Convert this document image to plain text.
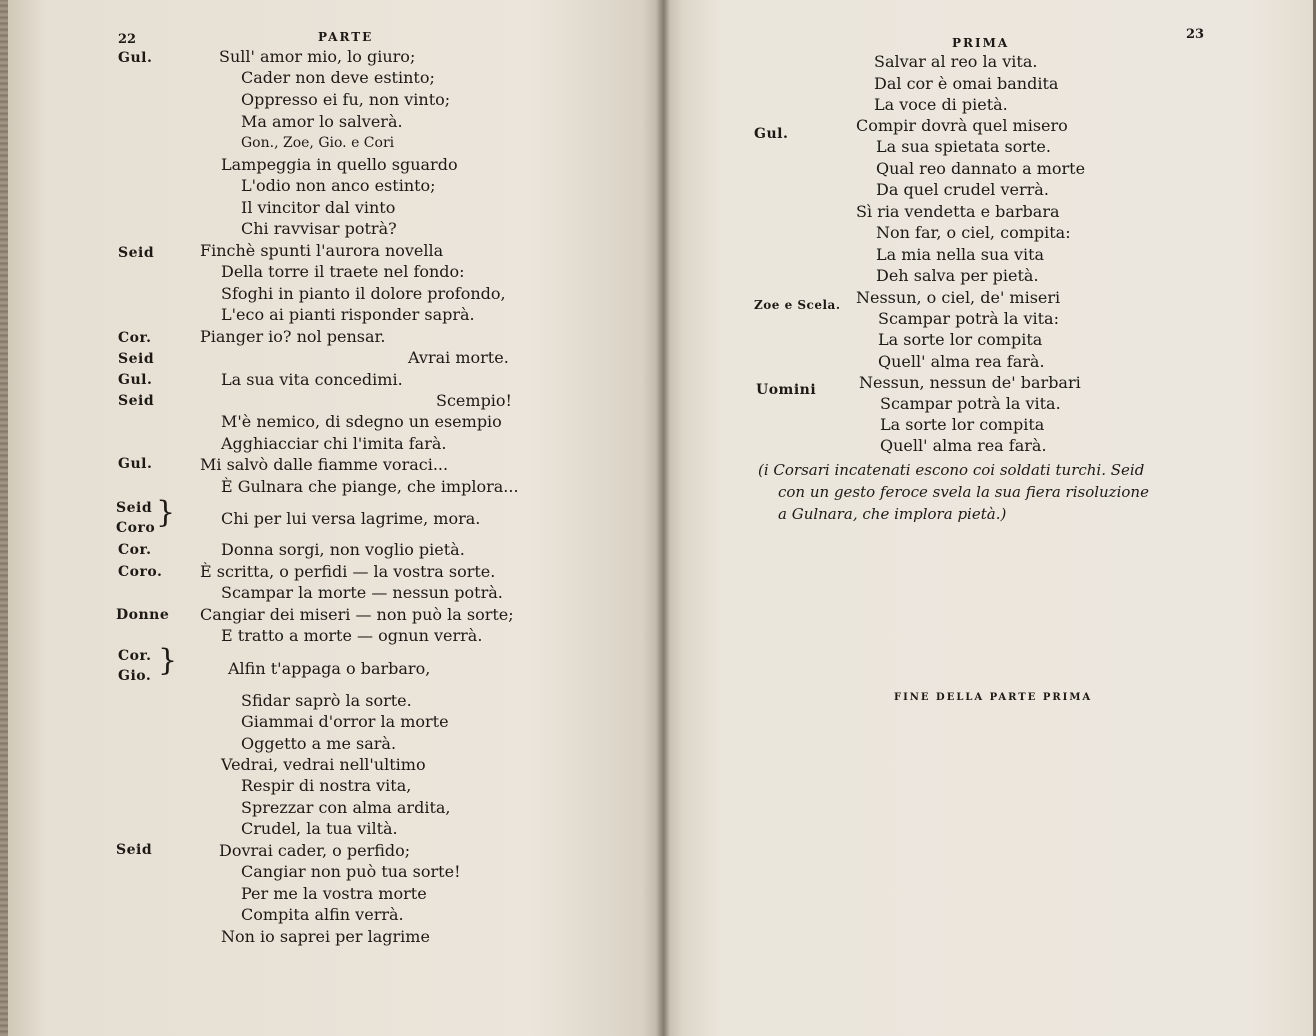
22	PARTE
Gul.
Seid
Cor.
Seid
Gul.
Seid
Gul.
Seid
Coro }
Cor.
Coro.
Donne
Cor.
Gio. }
Seid
Sull' amor mio, lo giuro;
Cader non deve estinto;
Oppresso ei fu, non vinto;
Ma amor lo salverà.
Gon., Zoe, Gio. e Cori
Lampeggia in quello sguardo
L'odio non anco estinto;
Il vincitor dal vinto
Chi ravvisar potrà?
Finchè spunti l'aurora novella
Della torre il traete nel fondo:
Sfoghi in pianto il dolore profondo,
L'eco ai pianti risponder saprà.
Pianger io? nol pensar.
Avrai morte.
La sua vita concedimi.
Scempio!
M'è nemico, di sdegno un esempio
Agghiacciar chi l'imita farà.
Mi salvò dalle fiamme voraci...
È Gulnara che piange, che implora...
Chi per lui versa lagrime, mora.
Donna sorgi, non voglio pietà.
È scritta, o perfidi — la vostra sorte.
Scampar la morte — nessun potrà.
Cangiar dei miseri — non può la sorte;
E tratto a morte — ognun verrà.
Alfin t'appaga o barbaro,
Sfidar saprò la sorte.
Giammai d'orror la morte
Oggetto a me sarà.
Vedrai, vedrai nell'ultimo
Respir di nostra vita,
Sprezzar con alma ardita,
Crudel, la tua viltà.
Dovrai cader, o perfido;
Cangiar non può tua sorte!
Per me la vostra morte
Compita alfin verrà.
Non io saprei per lagrime
PRIMA
23
Gul.
Zoe e Scela.
Uomini
Salvar al reo la vita.
Dal cor è omai bandita
La voce di pietà.
Compir dovrà quel misero
La sua spietata sorte.
Qual reo dannato a morte
Da quel crudel verrà.
Sì ria vendetta e barbara
Non far, o ciel, compita:
La mia nella sua vita
Deh salva per pietà.
Nessun, o ciel, de' miseri
Scampar potrà la vita:
La sorte lor compita
Quell' alma rea farà.
Nessun, nessun de' barbari
Scampar potrà la vita.
La sorte lor compita
Quell' alma rea farà.
(i Corsari incatenati escono coi soldati turchi. Seid
con un gesto feroce svela la sua fiera risoluzione
a Gulnara, che implora pietà.)
FINE DELLA PARTE PRIMA
